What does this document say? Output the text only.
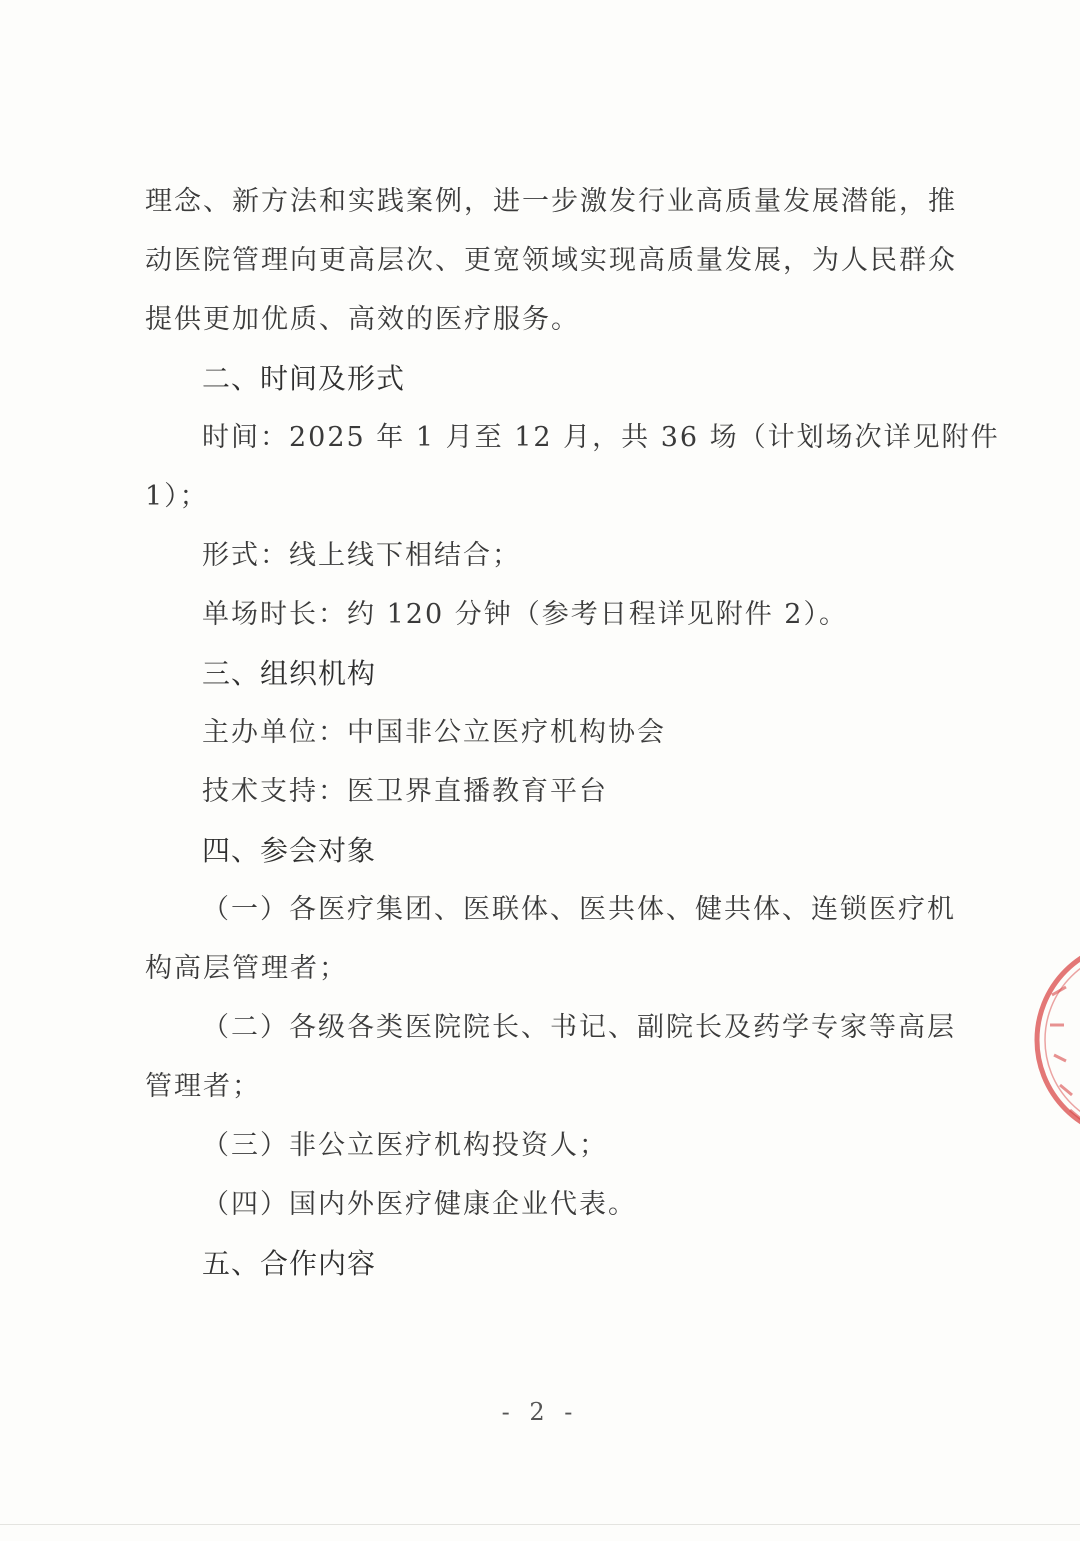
理念、新方法和实践案例，进一步激发行业高质量发展潜能，推
动医院管理向更高层次、更宽领域实现高质量发展，为人民群众
提供更加优质、高效的医疗服务。
二、时间及形式
时间：2025 年 1 月至 12 月，共 36 场（计划场次详见附件
1）；
形式：线上线下相结合；
单场时长：约 120 分钟（参考日程详见附件 2）。
三、组织机构
主办单位：中国非公立医疗机构协会
技术支持：医卫界直播教育平台
四、参会对象
（一）各医疗集团、医联体、医共体、健共体、连锁医疗机
构高层管理者；
（二）各级各类医院院长、书记、副院长及药学专家等高层
管理者；
（三）非公立医疗机构投资人；
（四）国内外医疗健康企业代表。
五、合作内容
- 2 -
